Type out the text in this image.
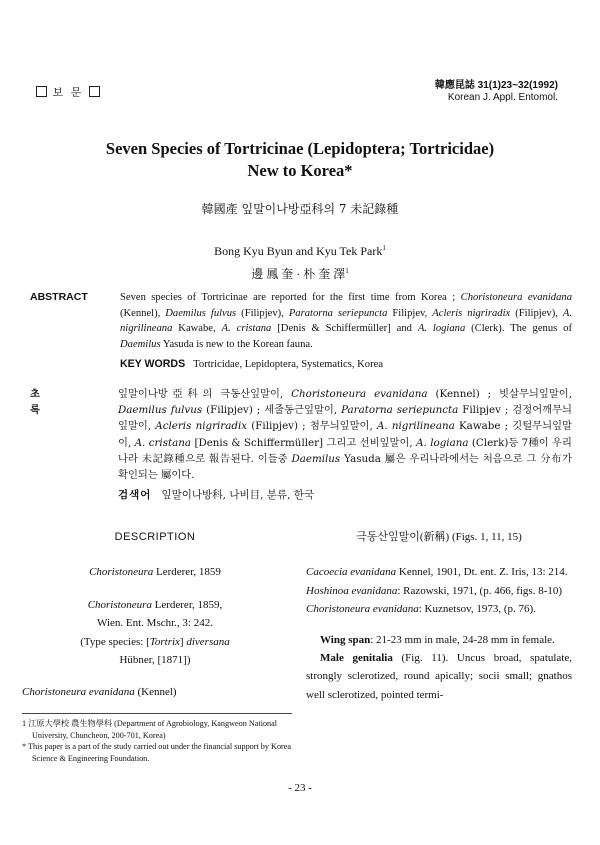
보 문
韓應昆誌 31(1)23~32(1992)
Korean J. Appl. Entomol.
Seven Species of Tortricinae (Lepidoptera; Tortricidae)
New to Korea*
韓國產 잎말이나방亞科의 7 未記錄種
Bong Kyu Byun and Kyu Tek Park$^1$
邊 鳳 奎 · 朴 奎 澤$^1$
ABSTRACT	Seven species of Tortricinae are reported for the first time from Korea ; Choristoneura evanidana (Kennel), Daemilus fulvus (Filipjev), Paratorna seriepuncta Filipjev, Acleris nigriradix (Filipjev), A. nigrilineana Kawabe, A. cristana [Denis & Schiffermüller] and A. logiana (Clerk). The genus of Daemilus Yasuda is new to the Korean fauna.
KEY WORDS Tortricidae, Lepidoptera, Systematics, Korea
초록
잎말이나방亞科의 극동산잎말이, Choristoneura evanidana (Kennel) ; 빗살무늬잎말이, Daemilus fulvus (Filipjev) ; 세줄동근잎말이, Paratorna seriepuncta Filipjev ; 검정어깨무늬잎말이, Acleris nigriradix (Filipjev) ; 첨무늬잎말이, A. nigrilineana Kawabe ; 깃털무늬잎말이, A. cristana [Denis & Schiffermüller] 그리고 선비잎말이, A. logiana (Clerk)등 7種이 우리나라 未記錄種으로 報告된다. 이들중 Daemilus Yasuda 屬은 우리나라에서는 처음으로 그 分布가 확인되는 屬이다.
검색어 잎말이나방科, 나비目, 분류, 한국
DESCRIPTION
Choristoneura Lerderer, 1859
Choristoneura Lerderer, 1859,
Wien. Ent. Mschr., 3: 242.
(Type species: [Tortrix] diversana
Hübner, [1871])
Choristoneura evanidana (Kennel)
극동산잎말이(新稱) (Figs. 1, 11, 15)
Cacoecia evanidana Kennel, 1901, Dt. ent. Z. Iris, 13: 214.
Hoshinoa evanidana: Razowski, 1971, (p. 466, figs. 8-10)
Choristoneura evanidana: Kuznetsov, 1973, (p. 76).
Wing span: 21-23 mm in male, 24-28 mm in female.
Male genitalia (Fig. 11). Uncus broad, spatulate, strongly sclerotized, round apically; socii small; gnathos well sclerotized, pointed termi-
1 江原大學校 農生物學科 (Department of Agrobiology, Kangweon National University, Chuncheon, 200-701, Korea)
* This paper is a part of the study carried out under the financial support by Korea Science & Engineering Foundation.
- 23 -
